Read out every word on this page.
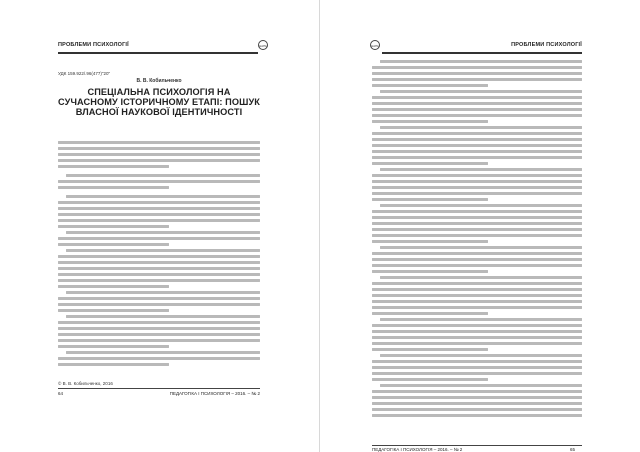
ПРОБЛЕМИ ПСИХОЛОГІЇ	НАПН
УДК 159.922/.96(477)"20"
В. В. Кобильченко
СПЕЦІАЛЬНА ПСИХОЛОГІЯ НА СУЧАСНОМУ ІСТОРИЧНОМУ ЕТАПІ: ПОШУК ВЛАСНОЇ НАУКОВОЇ ІДЕНТИЧНОСТІ
© В. В. Кобильченко, 2016
64	ПЕДАГОГІКА І ПСИХОЛОГІЯ – 2016. – № 2
НАПН	ПРОБЛЕМИ ПСИХОЛОГІЇ
ПЕДАГОГІКА І ПСИХОЛОГІЯ – 2016. – № 2	65
